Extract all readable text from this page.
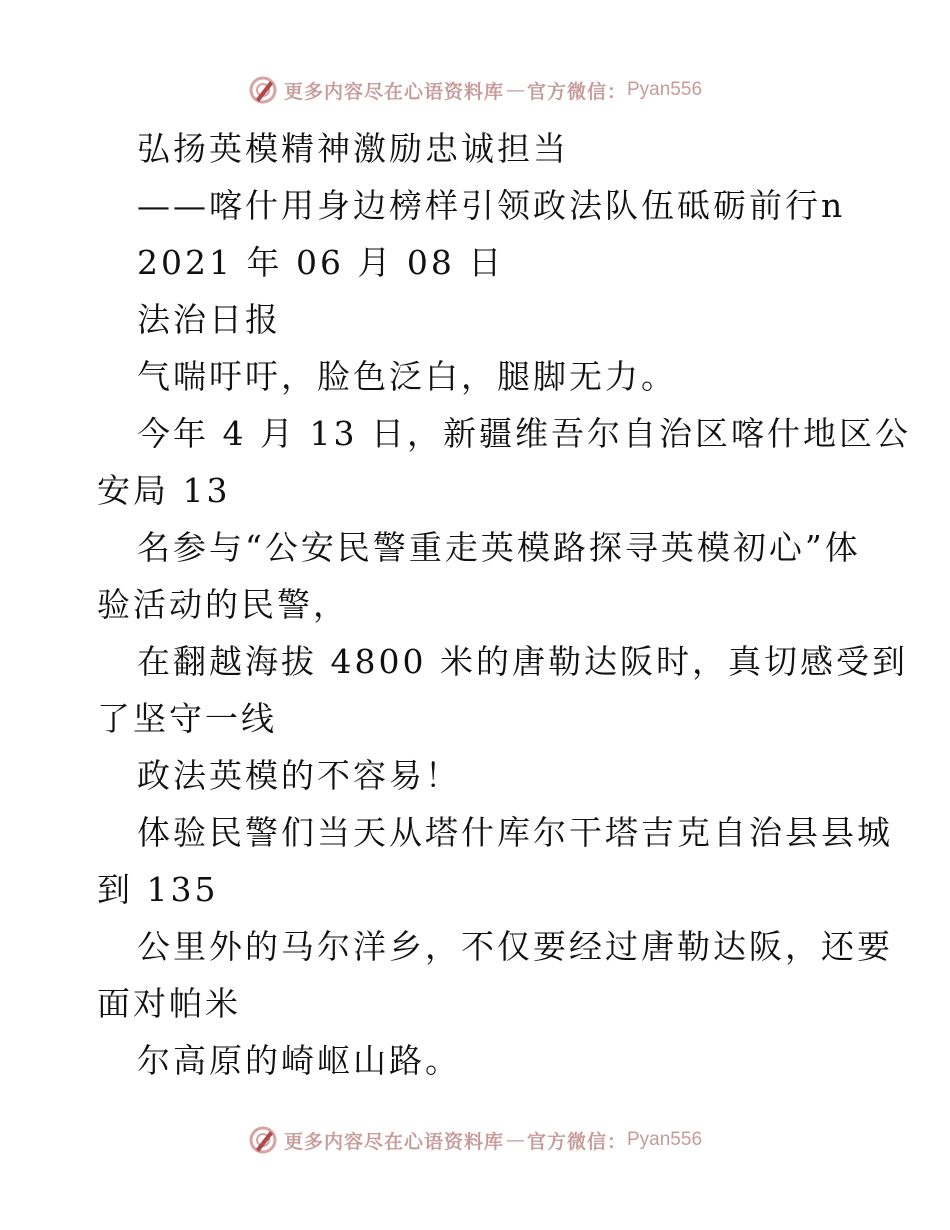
更多内容尽在心语资料库 — 官方微信： Pyan556
弘扬英模精神激励忠诚担当
——喀什用身边榜样引领政法队伍砥砺前行n
2021 年 06 月 08 日
法治日报
气喘吁吁，脸色泛白，腿脚无力。
今年 4 月 13 日，新疆维吾尔自治区喀什地区公
安局 13
名参与“公安民警重走英模路探寻英模初心”体
验活动的民警，
在翻越海拔 4800 米的唐勒达阪时，真切感受到
了坚守一线
政法英模的不容易！
体验民警们当天从塔什库尔干塔吉克自治县县城
到 135
公里外的马尔洋乡，不仅要经过唐勒达阪，还要
面对帕米
尔高原的崎岖山路。
更多内容尽在心语资料库 — 官方微信： Pyan556
